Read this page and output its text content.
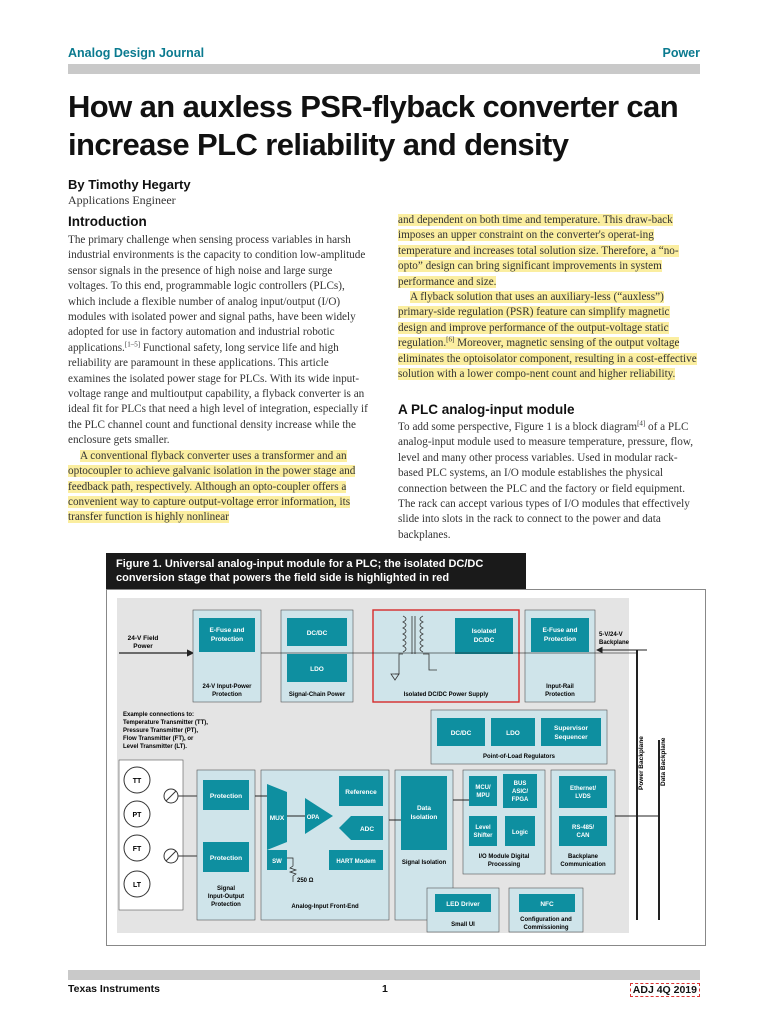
Analog Design Journal	Power
How an auxless PSR-flyback converter can
increase PLC reliability and density
By Timothy Hegarty
Applications Engineer
Introduction

The primary challenge when sensing process variables in harsh industrial environments is the capacity to condition low-amplitude sensor signals in the presence of high noise and large surge voltages. To this end, programmable logic controllers (PLCs), which include a flexible number of analog input/output (I/O) modules with isolated power and signal paths, have been widely adopted for use in factory automation and industrial robotic applications.[1–5] Functional safety, long service life and high reliability are paramount in these applications. This article examines the isolated power stage for PLCs. With its wide input-voltage range and multioutput capability, a flyback converter is an ideal fit for PLCs that need a high level of integration, especially if the PLC channel count and functional density increase while the enclosure gets smaller.

A conventional flyback converter uses a transformer and an optocoupler to achieve galvanic isolation in the power stage and feedback path, respectively. Although an opto-coupler offers a convenient way to capture output-voltage error information, its transfer function is highly nonlinear

and dependent on both time and temperature. This draw-back imposes an upper constraint on the converter's operat-ing temperature and increases total solution size. Therefore, a “no-opto” design can bring significant improvements in system performance and size.

A flyback solution that uses an auxiliary-less (“auxless”) primary-side regulation (PSR) feature can simplify magnetic design and improve performance of the output-voltage static regulation.[6] Moreover, magnetic sensing of the output voltage eliminates the optoisolator component, resulting in a cost-effective solution with a lower compo-nent count and higher reliability.

A PLC analog-input module

To add some perspective, Figure 1 is a block diagram[4] of a PLC analog-input module used to measure temperature, pressure, flow, level and many other process variables. Used in modular rack-based PLC systems, an I/O module establishes the physical connection between the PLC and the factory or field equipment. The rack can accept various types of I/O modules that effectively slide into slots in the rack to connect to the power and data backplanes.

Figure 1. Universal analog-input module for a PLC; the isolated DC/DC
conversion stage that powers the field side is highlighted in red
24-V Field
Power
E-Fuse and
Protection
24-V Input-Power
Protection
DC/DC
LDO
Signal-Chain Power
Isolated
DC/DC
Isolated DC/DC Power Supply
E-Fuse and
Protection
Input-Rail
Protection
5-V/24-V
Backplane
Power Backplane Data Backplane
Example connections to:
Temperature Transmitter (TT),
Pressure Transmitter (PT),
Flow Transmitter (FT), or
Level Transmitter (LT).
DC/DC	LDO
Supervisor
Sequencer
Point-of-Load Regulators
TT
PT
FT
LT
Protection
Protection
Signal
Input-Output
Protection
MUX	OPA
Reference
ADC
SW	HART Modem
250 Ω
Analog-Input Front-End
Data
Isolation
Signal Isolation
MCU/
MPU
BUS
ASIC/
FPGA
Level
Shifter	Logic
I/O Module Digital
Processing
Ethernet/
LVDS
RS-485/
CAN
Backplane
Communication
LED Driver
Small UI
NFC
Configuration and
Commissioning
Texas Instruments	1	ADJ 4Q 2019
